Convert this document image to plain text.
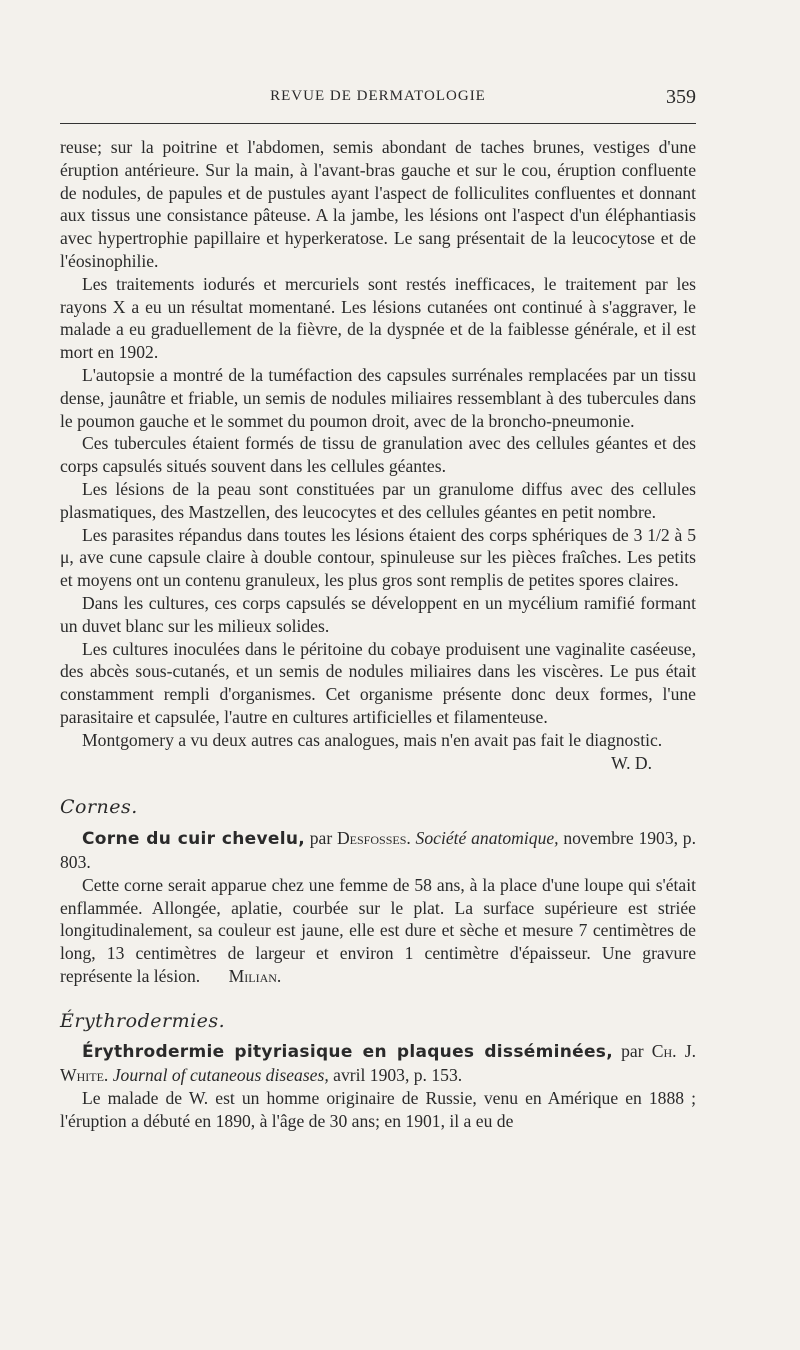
REVUE DE DERMATOLOGIE	359

reuse; sur la poitrine et l'abdomen, semis abondant de taches brunes, vestiges d'une éruption antérieure. Sur la main, à l'avant-bras gauche et sur le cou, éruption confluente de nodules, de papules et de pustules ayant l'aspect de folliculites confluentes et donnant aux tissus une consistance pâteuse. A la jambe, les lésions ont l'aspect d'un éléphantiasis avec hypertrophie papillaire et hyperkeratose. Le sang présentait de la leucocytose et de l'éosinophilie.

Les traitements iodurés et mercuriels sont restés inefficaces, le traitement par les rayons X a eu un résultat momentané. Les lésions cutanées ont continué à s'aggraver, le malade a eu graduellement de la fièvre, de la dyspnée et de la faiblesse générale, et il est mort en 1902.

L'autopsie a montré de la tuméfaction des capsules surrénales remplacées par un tissu dense, jaunâtre et friable, un semis de nodules miliaires ressemblant à des tubercules dans le poumon gauche et le sommet du poumon droit, avec de la broncho-pneumonie.

Ces tubercules étaient formés de tissu de granulation avec des cellules géantes et des corps capsulés situés souvent dans les cellules géantes.

Les lésions de la peau sont constituées par un granulome diffus avec des cellules plasmatiques, des Mastzellen, des leucocytes et des cellules géantes en petit nombre.

Les parasites répandus dans toutes les lésions étaient des corps sphériques de 3 1/2 à 5 μ, ave cune capsule claire à double contour, spinuleuse sur les pièces fraîches. Les petits et moyens ont un contenu granuleux, les plus gros sont remplis de petites spores claires.

Dans les cultures, ces corps capsulés se développent en un mycélium ramifié formant un duvet blanc sur les milieux solides.

Les cultures inoculées dans le péritoine du cobaye produisent une vaginalite caséeuse, des abcès sous-cutanés, et un semis de nodules miliaires dans les viscères. Le pus était constamment rempli d'organismes. Cet organisme présente donc deux formes, l'une parasitaire et capsulée, l'autre en cultures artificielles et filamenteuse.

Montgomery a vu deux autres cas analogues, mais n'en avait pas fait le diagnostic.
W. D.

Cornes.

Corne du cuir chevelu, par Desfosses. Société anatomique, novembre 1903, p. 803.

Cette corne serait apparue chez une femme de 58 ans, à la place d'une loupe qui s'était enflammée. Allongée, aplatie, courbée sur le plat. La surface supérieure est striée longitudinalement, sa couleur est jaune, elle est dure et sèche et mesure 7 centimètres de long, 13 centimètres de largeur et environ 1 centimètre d'épaisseur. Une gravure représente la lésion. Milian.

Érythrodermies.

Érythrodermie pityriasique en plaques disséminées, par Ch. J. White. Journal of cutaneous diseases, avril 1903, p. 153.

Le malade de W. est un homme originaire de Russie, venu en Amérique en 1888 ; l'éruption a débuté en 1890, à l'âge de 30 ans; en 1901, il a eu de
